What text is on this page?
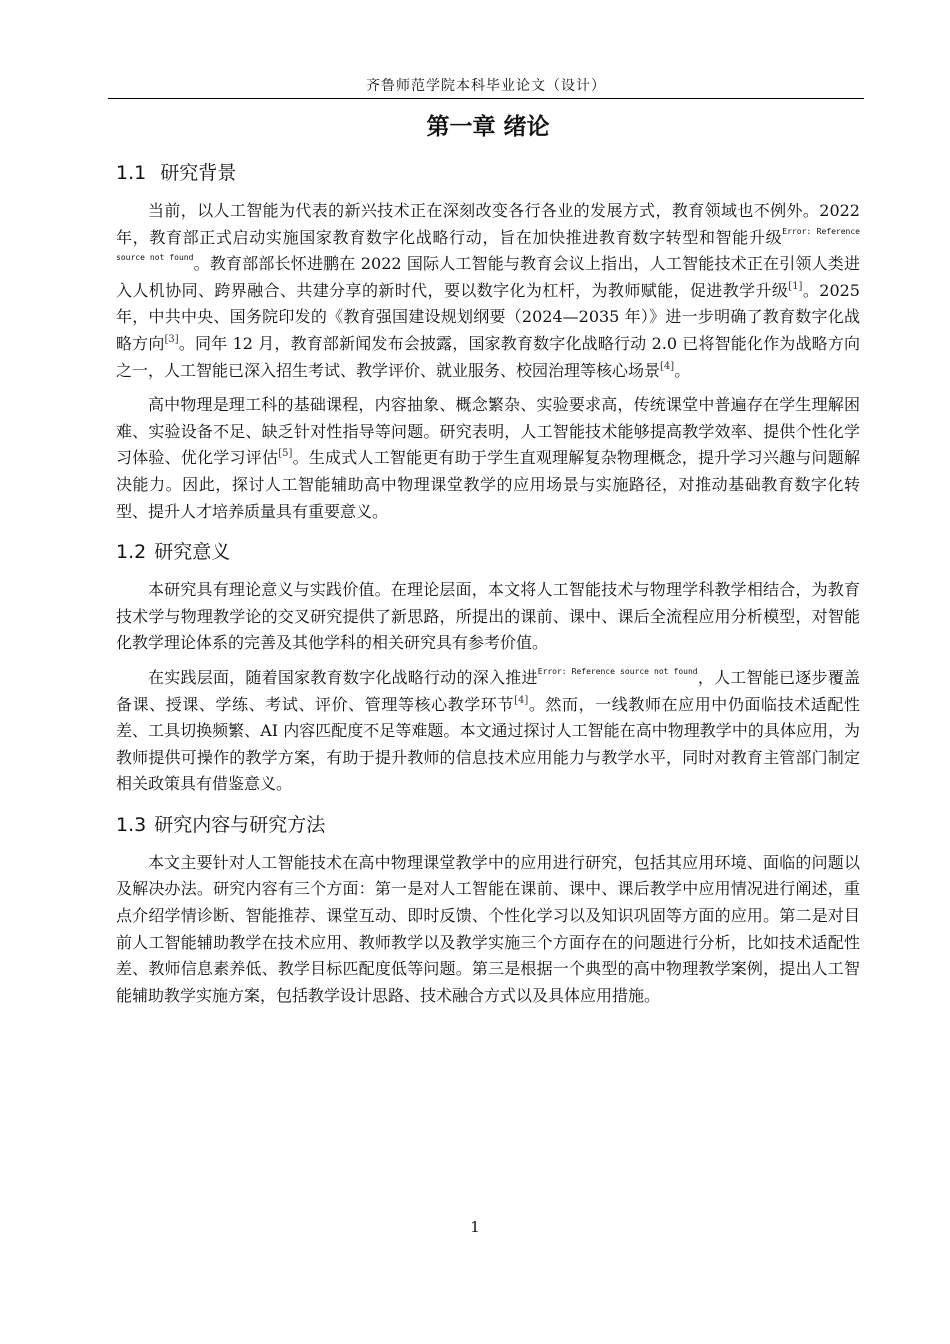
齐鲁师范学院本科毕业论文（设计）
第一章 绪论
1.1 研究背景

当前，以人工智能为代表的新兴技术正在深刻改变各行各业的发展方式，教育领域也不例外。2022 年，教育部正式启动实施国家教育数字化战略行动，旨在加快推进教育数字转型和智能升级$^{Error: Reference source not found}$。教育部部长怀进鹏在 2022 国际人工智能与教育会议上指出，人工智能技术正在引领人类进入人机协同、跨界融合、共建分享的新时代，要以数字化为杠杆，为教师赋能，促进教学升级[1]。2025 年，中共中央、国务院印发的《教育强国建设规划纲要（2024—2035 年）》进一步明确了教育数字化战略方向[3]。同年 12 月，教育部新闻发布会披露，国家教育数字化战略行动 2.0 已将智能化作为战略方向之一，人工智能已深入招生考试、教学评价、就业服务、校园治理等核心场景[4]。

高中物理是理工科的基础课程，内容抽象、概念繁杂、实验要求高，传统课堂中普遍存在学生理解困难、实验设备不足、缺乏针对性指导等问题。研究表明，人工智能技术能够提高教学效率、提供个性化学习体验、优化学习评估[5]。生成式人工智能更有助于学生直观理解复杂物理概念，提升学习兴趣与问题解决能力。因此，探讨人工智能辅助高中物理课堂教学的应用场景与实施路径，对推动基础教育数字化转型、提升人才培养质量具有重要意义。

1.2 研究意义

本研究具有理论意义与实践价值。在理论层面，本文将人工智能技术与物理学科教学相结合，为教育技术学与物理教学论的交叉研究提供了新思路，所提出的课前、课中、课后全流程应用分析模型，对智能化教学理论体系的完善及其他学科的相关研究具有参考价值。

在实践层面，随着国家教育数字化战略行动的深入推进$^{Error: Reference source not found}$，人工智能已逐步覆盖备课、授课、学练、考试、评价、管理等核心教学环节[4]。然而，一线教师在应用中仍面临技术适配性差、工具切换频繁、AI 内容匹配度不足等难题。本文通过探讨人工智能在高中物理教学中的具体应用，为教师提供可操作的教学方案，有助于提升教师的信息技术应用能力与教学水平，同时对教育主管部门制定相关政策具有借鉴意义。

1.3 研究内容与研究方法

本文主要针对人工智能技术在高中物理课堂教学中的应用进行研究，包括其应用环境、面临的问题以及解决办法。研究内容有三个方面：第一是对人工智能在课前、课中、课后教学中应用情况进行阐述，重点介绍学情诊断、智能推荐、课堂互动、即时反馈、个性化学习以及知识巩固等方面的应用。第二是对目前人工智能辅助教学在技术应用、教师教学以及教学实施三个方面存在的问题进行分析，比如技术适配性差、教师信息素养低、教学目标匹配度低等问题。第三是根据一个典型的高中物理教学案例，提出人工智能辅助教学实施方案，包括教学设计思路、技术融合方式以及具体应用措施。

1
